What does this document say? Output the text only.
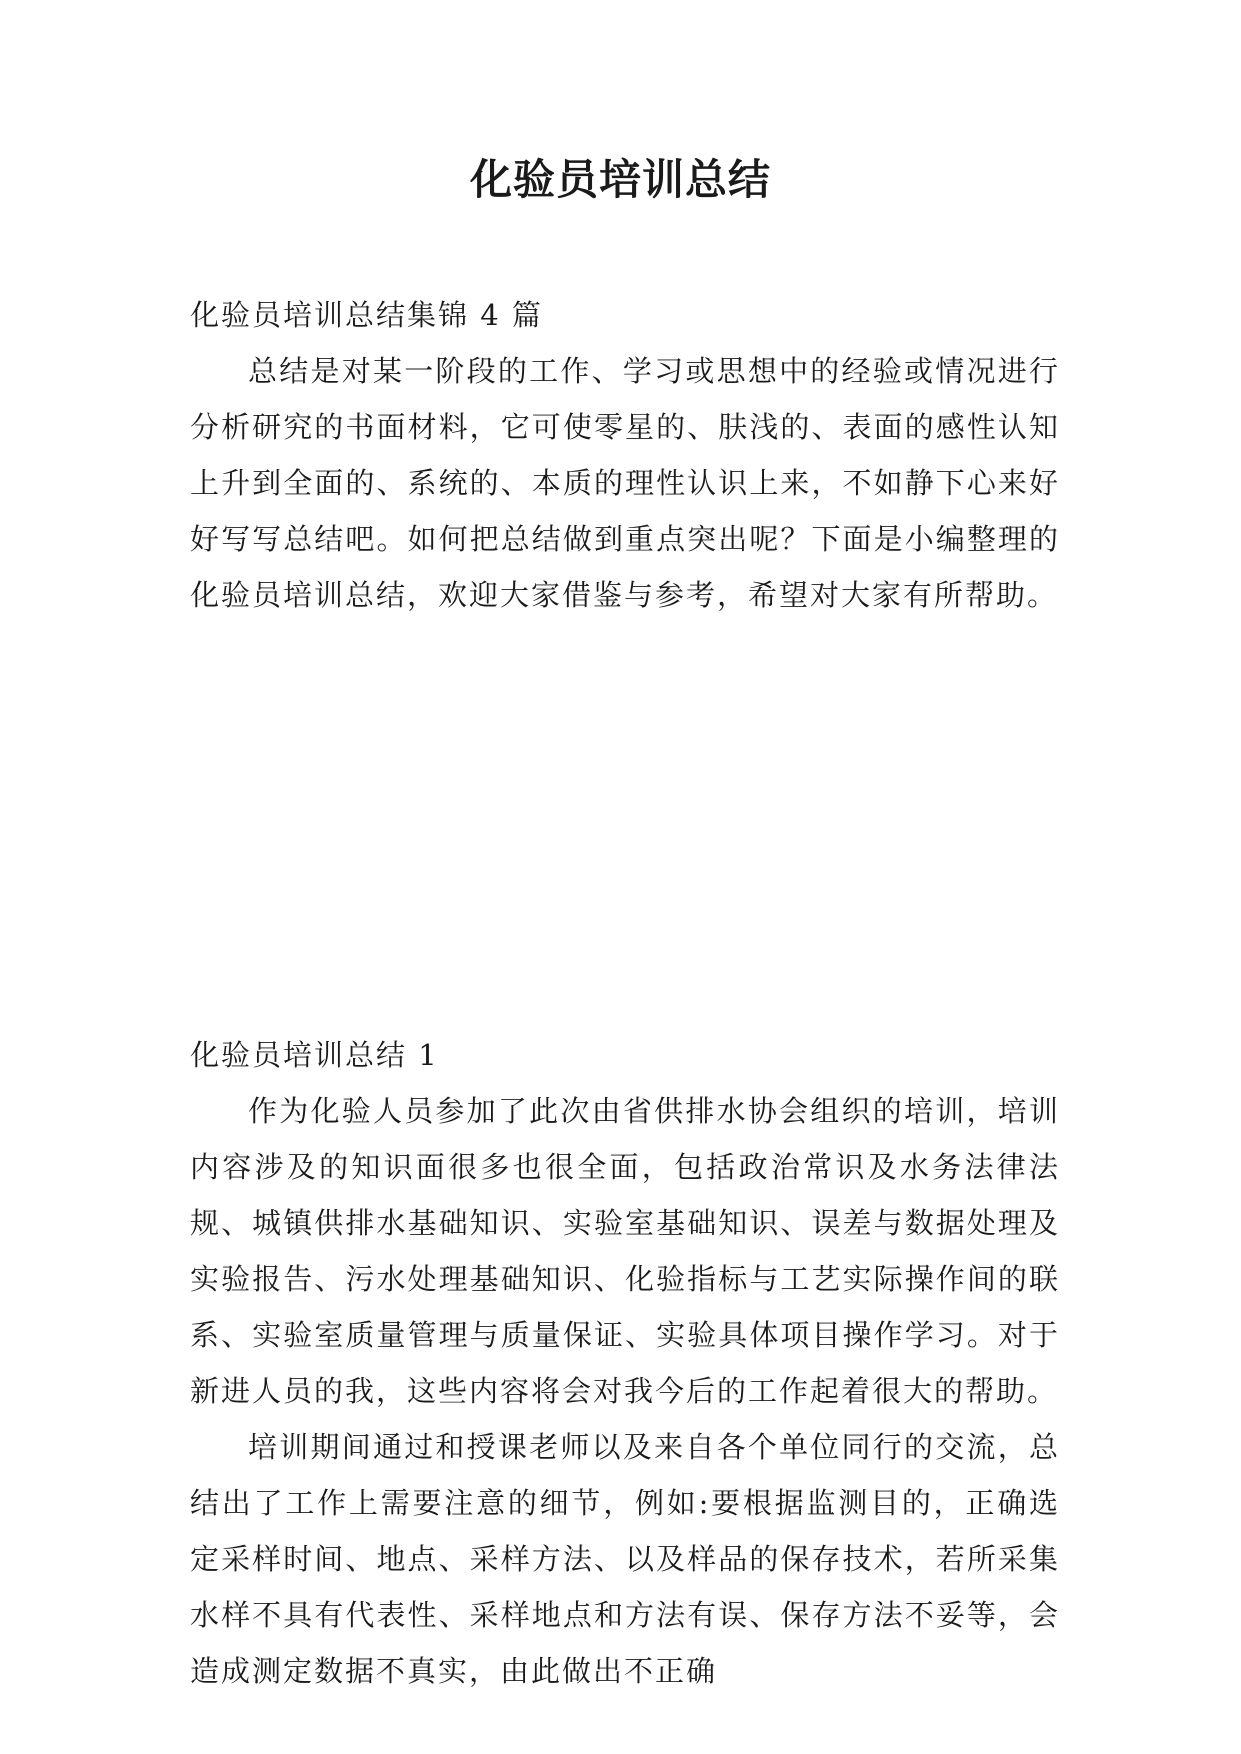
化验员培训总结

化验员培训总结集锦 4 篇

总结是对某一阶段的工作、学习或思想中的经验或情况进行分析研究的书面材料，它可使零星的、肤浅的、表面的感性认知上升到全面的、系统的、本质的理性认识上来，不如静下心来好好写写总结吧。如何把总结做到重点突出呢？下面是小编整理的化验员培训总结，欢迎大家借鉴与参考，希望对大家有所帮助。

化验员培训总结 1

作为化验人员参加了此次由省供排水协会组织的培训，培训内容涉及的知识面很多也很全面，包括政治常识及水务法律法规、城镇供排水基础知识、实验室基础知识、误差与数据处理及实验报告、污水处理基础知识、化验指标与工艺实际操作间的联系、实验室质量管理与质量保证、实验具体项目操作学习。对于新进人员的我，这些内容将会对我今后的工作起着很大的帮助。

培训期间通过和授课老师以及来自各个单位同行的交流，总结出了工作上需要注意的细节，例如:要根据监测目的，正确选定采样时间、地点、采样方法、以及样品的保存技术，若所采集水样不具有代表性、采样地点和方法有误、保存方法不妥等，会造成测定数据不真实，由此做出不正确
